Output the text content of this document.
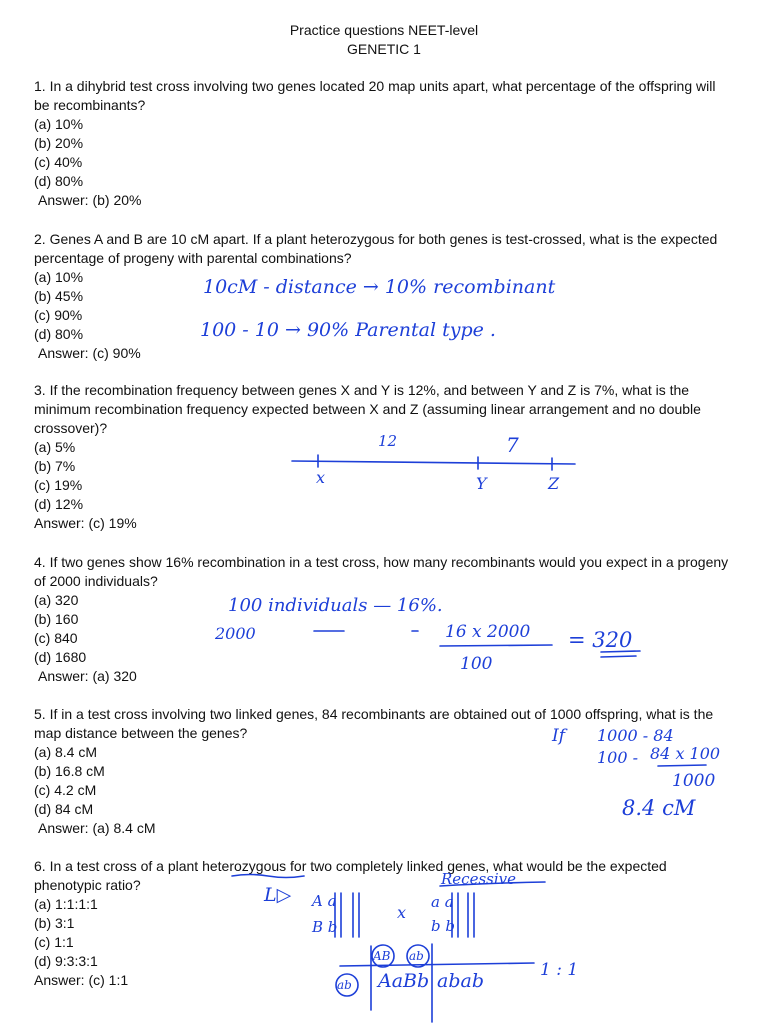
Practice questions NEET-level
GENETIC 1
1. In a dihybrid test cross involving two genes located 20 map units apart, what percentage of the offspring will be recombinants?
(a) 10%
(b) 20%
(c) 40%
(d) 80%
Answer: (b) 20%
2. Genes A and B are 10 cM apart. If a plant heterozygous for both genes is test-crossed, what is the expected percentage of progeny with parental combinations?
(a) 10%
(b) 45%
(c) 90%
(d) 80%
Answer: (c) 90%
3. If the recombination frequency between genes X and Y is 12%, and between Y and Z is 7%, what is the minimum recombination frequency expected between X and Z (assuming linear arrangement and no double crossover)?
(a) 5%
(b) 7%
(c) 19%
(d) 12%
Answer: (c) 19%
4. If two genes show 16% recombination in a test cross, how many recombinants would you expect in a progeny of 2000 individuals?
(a) 320
(b) 160
(c) 840
(d) 1680
Answer: (a) 320
5. If in a test cross involving two linked genes, 84 recombinants are obtained out of 1000 offspring, what is the map distance between the genes?
(a) 8.4 cM
(b) 16.8 cM
(c) 4.2 cM
(d) 84 cM
Answer: (a) 8.4 cM
6. In a test cross of a plant heterozygous for two completely linked genes, what would be the expected phenotypic ratio?
(a) 1:1:1:1
(b) 3:1
(c) 1:1
(d) 9:3:3:1
Answer: (c) 1:1
10cM - distance → 10% recombinant
100 - 10 → 90% Parental type .
100 individuals — 16%.
2000	16 x 2000
100
= 320
If 1000 - 84
100 - 84 x 100
1000
8.4 cM
L▷
Recessive
A a
B b
x
a a
b b
AB ab
ab AaBb abab	1 : 1
12	7
x	Y	Z
